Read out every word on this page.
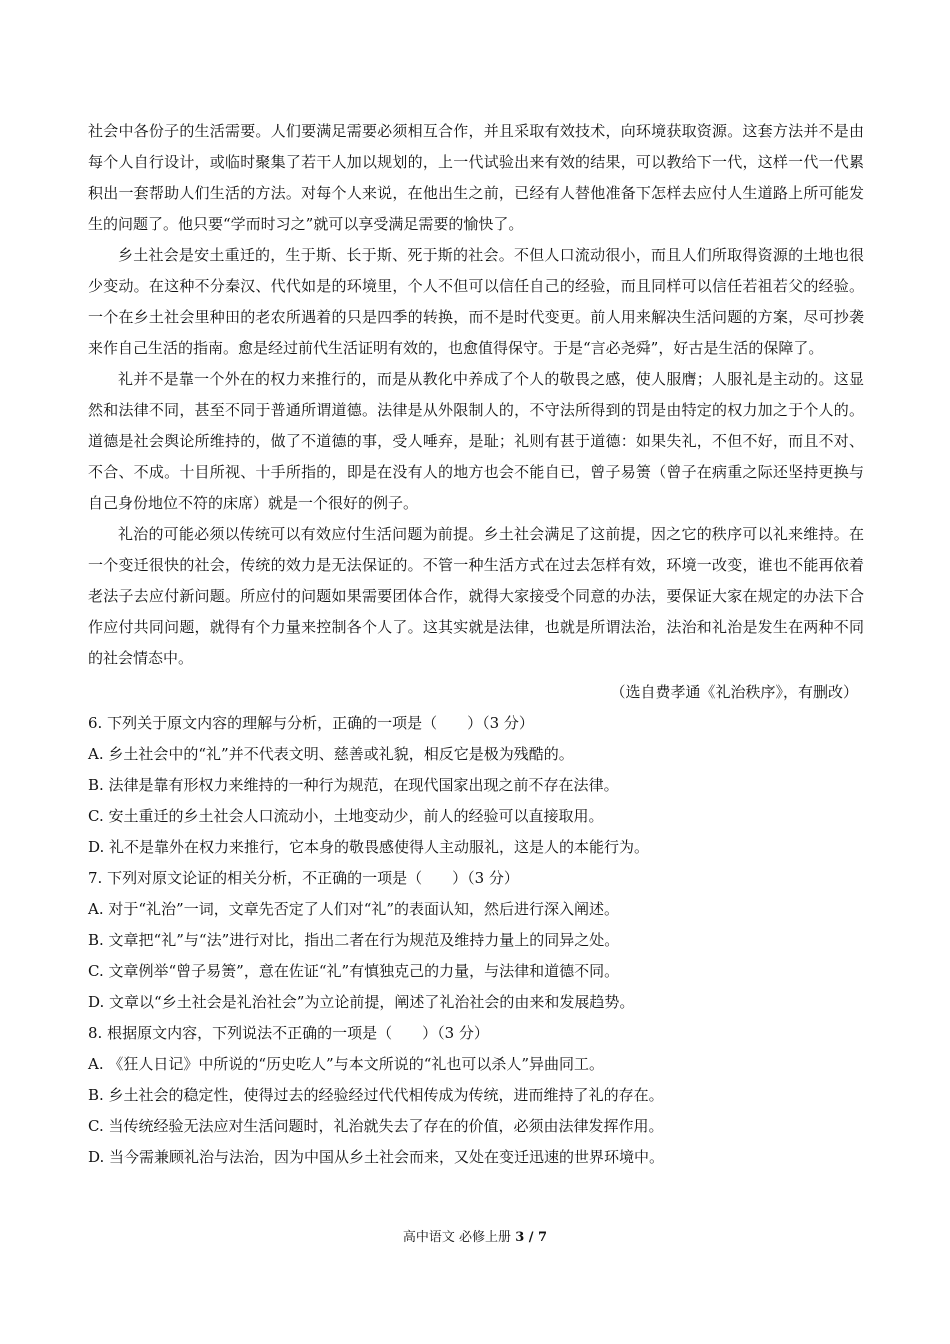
社会中各份子的生活需要。人们要满足需要必须相互合作，并且采取有效技术，向环境获取资源。这套方法并不是由每个人自行设计，或临时聚集了若干人加以规划的，上一代试验出来有效的结果，可以教给下一代，这样一代一代累积出一套帮助人们生活的方法。对每个人来说，在他出生之前，已经有人替他准备下怎样去应付人生道路上所可能发生的问题了。他只要“学而时习之”就可以享受满足需要的愉快了。

乡土社会是安土重迁的，生于斯、长于斯、死于斯的社会。不但人口流动很小，而且人们所取得资源的土地也很少变动。在这种不分秦汉、代代如是的环境里，个人不但可以信任自己的经验，而且同样可以信任若祖若父的经验。一个在乡土社会里种田的老农所遇着的只是四季的转换，而不是时代变更。前人用来解决生活问题的方案，尽可抄袭来作自己生活的指南。愈是经过前代生活证明有效的，也愈值得保守。于是“言必尧舜”，好古是生活的保障了。

礼并不是靠一个外在的权力来推行的，而是从教化中养成了个人的敬畏之感，使人服膺；人服礼是主动的。这显然和法律不同，甚至不同于普通所谓道德。法律是从外限制人的，不守法所得到的罚是由特定的权力加之于个人的。道德是社会舆论所维持的，做了不道德的事，受人唾弃，是耻；礼则有甚于道德：如果失礼，不但不好，而且不对、不合、不成。十目所视、十手所指的，即是在没有人的地方也会不能自已，曾子易箦（曾子在病重之际还坚持更换与自己身份地位不符的床席）就是一个很好的例子。

礼治的可能必须以传统可以有效应付生活问题为前提。乡土社会满足了这前提，因之它的秩序可以礼来维持。在一个变迁很快的社会，传统的效力是无法保证的。不管一种生活方式在过去怎样有效，环境一改变，谁也不能再依着老法子去应付新问题。所应付的问题如果需要团体合作，就得大家接受个同意的办法，要保证大家在规定的办法下合作应付共同问题，就得有个力量来控制各个人了。这其实就是法律，也就是所谓法治，法治和礼治是发生在两种不同的社会情态中。

（选自费孝通《礼治秩序》，有删改）

6. 下列关于原文内容的理解与分析，正确的一项是（　　）（3 分）

A. 乡土社会中的“礼”并不代表文明、慈善或礼貌，相反它是极为残酷的。

B. 法律是靠有形权力来维持的一种行为规范，在现代国家出现之前不存在法律。

C. 安土重迁的乡土社会人口流动小，土地变动少，前人的经验可以直接取用。

D. 礼不是靠外在权力来推行，它本身的敬畏感使得人主动服礼，这是人的本能行为。

7. 下列对原文论证的相关分析，不正确的一项是（　　）（3 分）

A. 对于“礼治”一词，文章先否定了人们对“礼”的表面认知，然后进行深入阐述。

B. 文章把“礼”与“法”进行对比，指出二者在行为规范及维持力量上的同异之处。

C. 文章例举“曾子易箦”，意在佐证“礼”有慎独克己的力量，与法律和道德不同。

D. 文章以“乡土社会是礼治社会”为立论前提，阐述了礼治社会的由来和发展趋势。

8. 根据原文内容，下列说法不正确的一项是（　　）（3 分）

A. 《狂人日记》中所说的“历史吃人”与本文所说的“礼也可以杀人”异曲同工。

B. 乡土社会的稳定性，使得过去的经验经过代代相传成为传统，进而维持了礼的存在。

C. 当传统经验无法应对生活问题时，礼治就失去了存在的价值，必须由法律发挥作用。

D. 当今需兼顾礼治与法治，因为中国从乡土社会而来，又处在变迁迅速的世界环境中。

高中语文 必修上册 3 / 7
